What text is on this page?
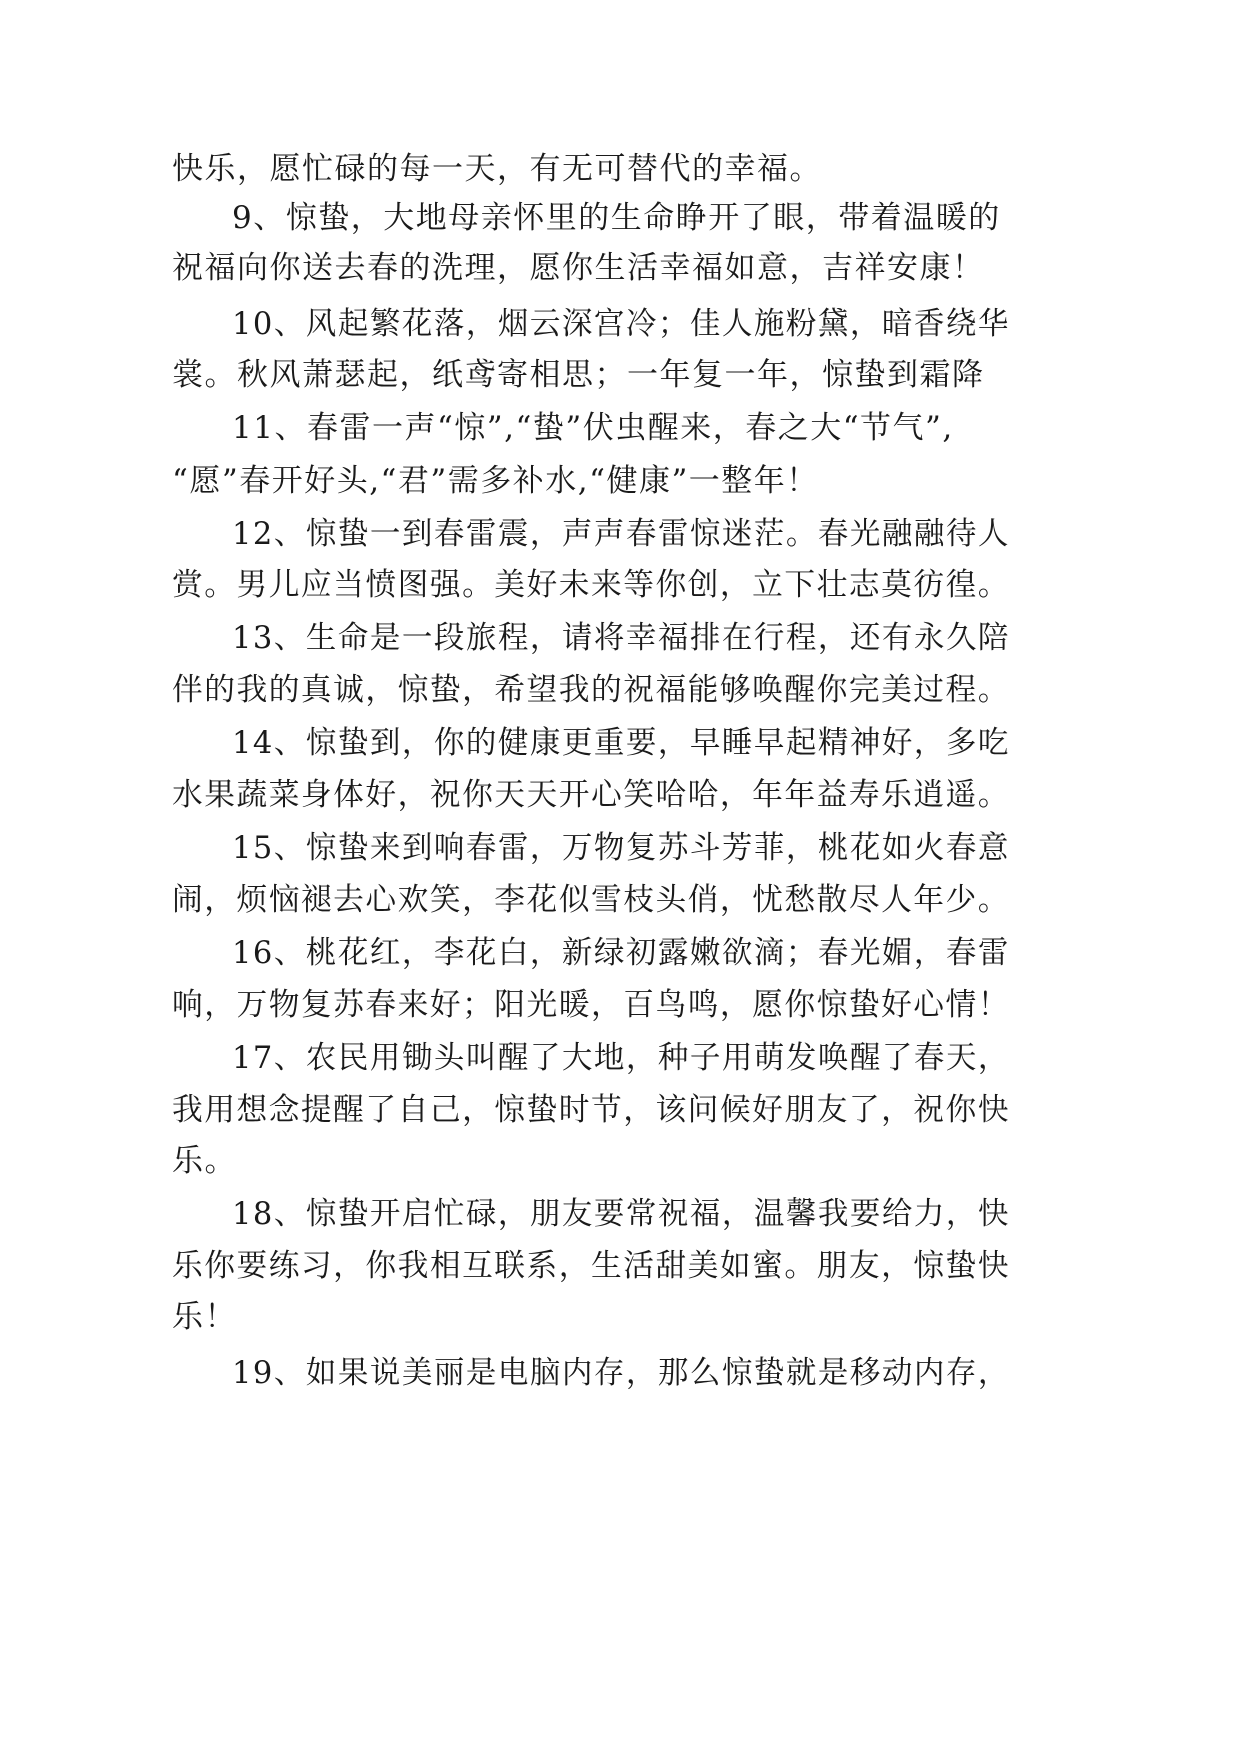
快乐，愿忙碌的每一天，有无可替代的幸福。
9、惊蛰，大地母亲怀里的生命睁开了眼，带着温暖的
祝福向你送去春的洗理，愿你生活幸福如意，吉祥安康！
10、风起繁花落，烟云深宫冷；佳人施粉黛，暗香绕华
裳。秋风萧瑟起，纸鸢寄相思；一年复一年，惊蛰到霜降
11、春雷一声“惊”,“蛰”伏虫醒来，春之大“节气”,
“愿”春开好头,“君”需多补水,“健康”一整年！
12、惊蛰一到春雷震，声声春雷惊迷茫。春光融融待人
赏。男儿应当愤图强。美好未来等你创，立下壮志莫彷徨。
13、生命是一段旅程，请将幸福排在行程，还有永久陪
伴的我的真诚，惊蛰，希望我的祝福能够唤醒你完美过程。
14、惊蛰到，你的健康更重要，早睡早起精神好，多吃
水果蔬菜身体好，祝你天天开心笑哈哈，年年益寿乐逍遥。
15、惊蛰来到响春雷，万物复苏斗芳菲，桃花如火春意
闹，烦恼褪去心欢笑，李花似雪枝头俏，忧愁散尽人年少。
16、桃花红，李花白，新绿初露嫩欲滴；春光媚，春雷
响，万物复苏春来好；阳光暖，百鸟鸣，愿你惊蛰好心情！
17、农民用锄头叫醒了大地，种子用萌发唤醒了春天，
我用想念提醒了自己，惊蛰时节，该问候好朋友了，祝你快
乐。
18、惊蛰开启忙碌，朋友要常祝福，温馨我要给力，快
乐你要练习，你我相互联系，生活甜美如蜜。朋友，惊蛰快
乐！
19、如果说美丽是电脑内存，那么惊蛰就是移动内存，
